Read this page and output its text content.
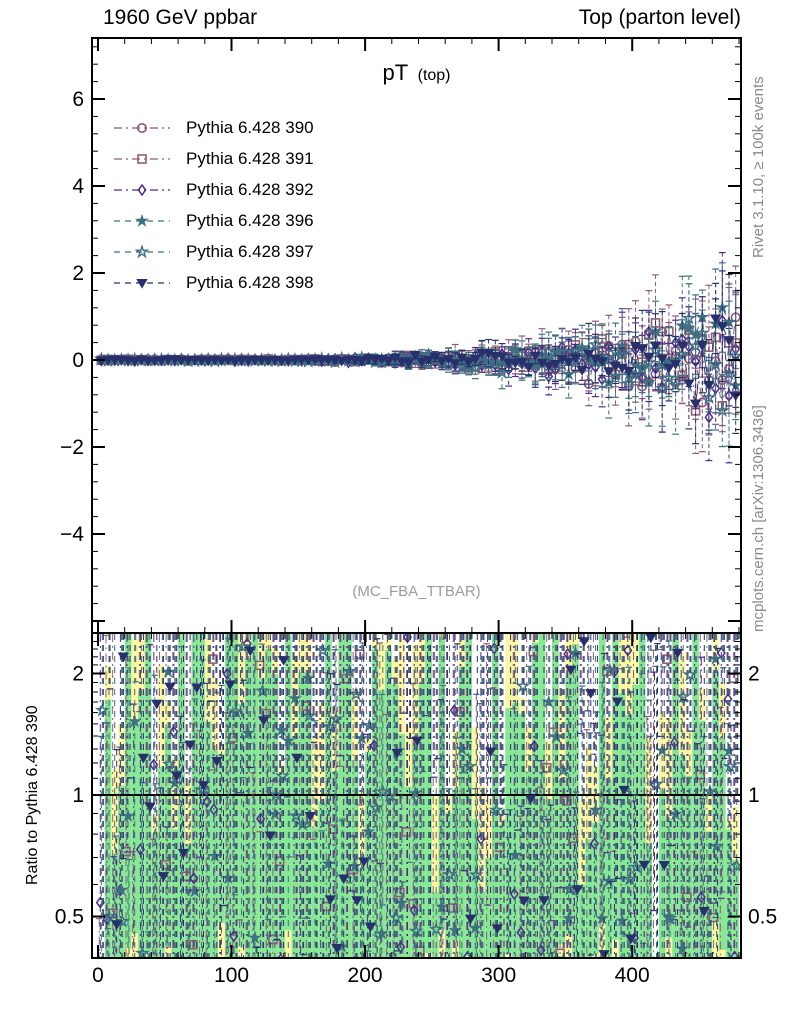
6
4
2
0
−2
−4
2	2
1	1
0.5	0.5
0	100	200	300	400
1960 GeV ppbar	Top (parton level)
pT (top)
Pythia 6.428 390
Pythia 6.428 391
Pythia 6.428 392
Pythia 6.428 396
Pythia 6.428 397
Pythia 6.428 398
(MC_FBA_TTBAR)
Rivet 3.1.10, ≥ 100k events
mcplots.cern.ch [arXiv:1306.3436]
Ratio to Pythia 6.428 390
